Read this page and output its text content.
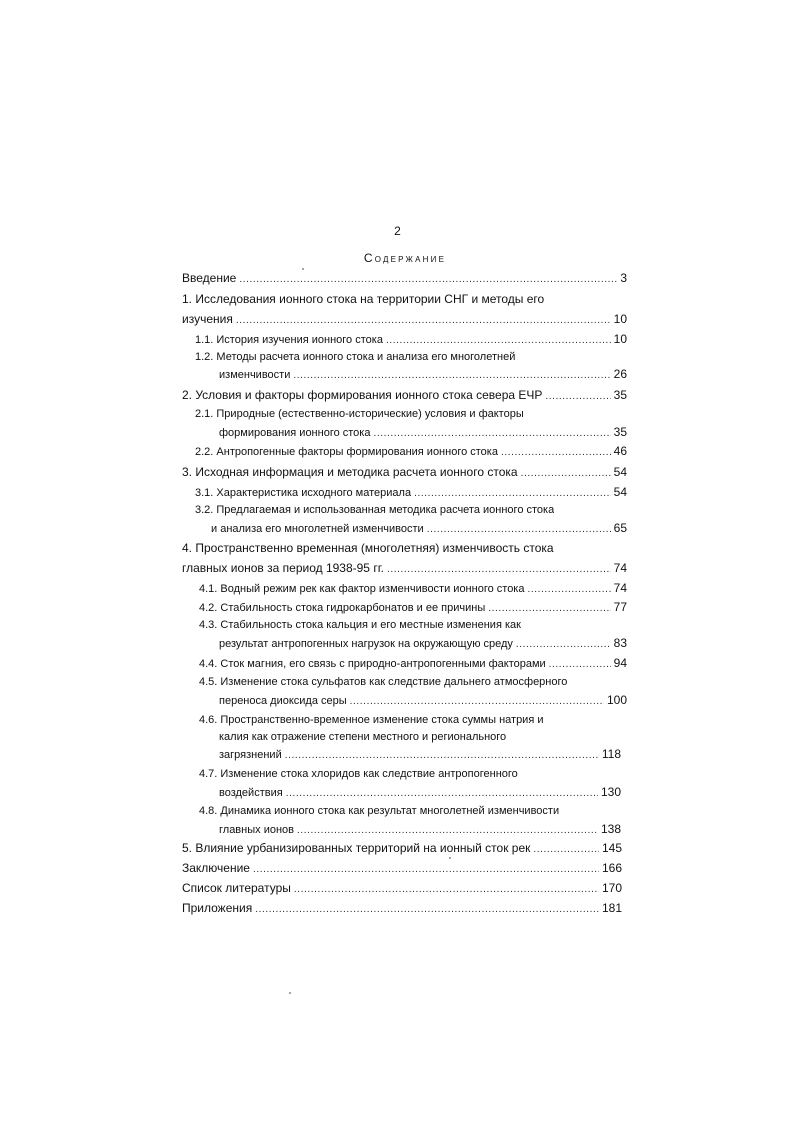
2
Содержание
Введение .....	3
1. Исследования ионного стока на территории СНГ и методы его
изучения .....	10
1.1. История изучения ионного стока .....	10
1.2. Методы расчета ионного стока и анализа его многолетней
изменчивости .....	26
2. Условия и факторы формирования ионного стока севера ЕЧР .....	35
2.1. Природные (естественно-исторические) условия и факторы
формирования ионного стока .....	35
2.2. Антропогенные факторы формирования ионного стока .....	46
3. Исходная информация и методика расчета ионного стока .....	54
3.1. Характеристика исходного материала .....	54
3.2. Предлагаемая и использованная методика расчета ионного стока
и анализа его многолетней изменчивости .....	65
4. Пространственно временная (многолетняя) изменчивость стока
главных ионов за период 1938-95 гг. .....	74
4.1. Водный режим рек как фактор изменчивости ионного стока .....	74
4.2. Стабильность стока гидрокарбонатов и ее причины .....	77
4.3. Стабильность стока кальция и его местные изменения как
результат антропогенных нагрузок на окружающую среду .....	83
4.4. Сток магния, его связь с природно-антропогенными факторами .....	94
4.5. Изменение стока сульфатов как следствие дальнего атмосферного
переноса диоксида серы .....	100
4.6. Пространственно-временное изменение стока суммы натрия и
калия как отражение степени местного и регионального
загрязнений .....	118
4.7. Изменение стока хлоридов как следствие антропогенного
воздействия .....	130
4.8. Динамика ионного стока как результат многолетней изменчивости
главных ионов .....	138
5. Влияние урбанизированных территорий на ионный сток рек .....	145
Заключение .....	166
Список литературы .....	170
Приложения .....	181
